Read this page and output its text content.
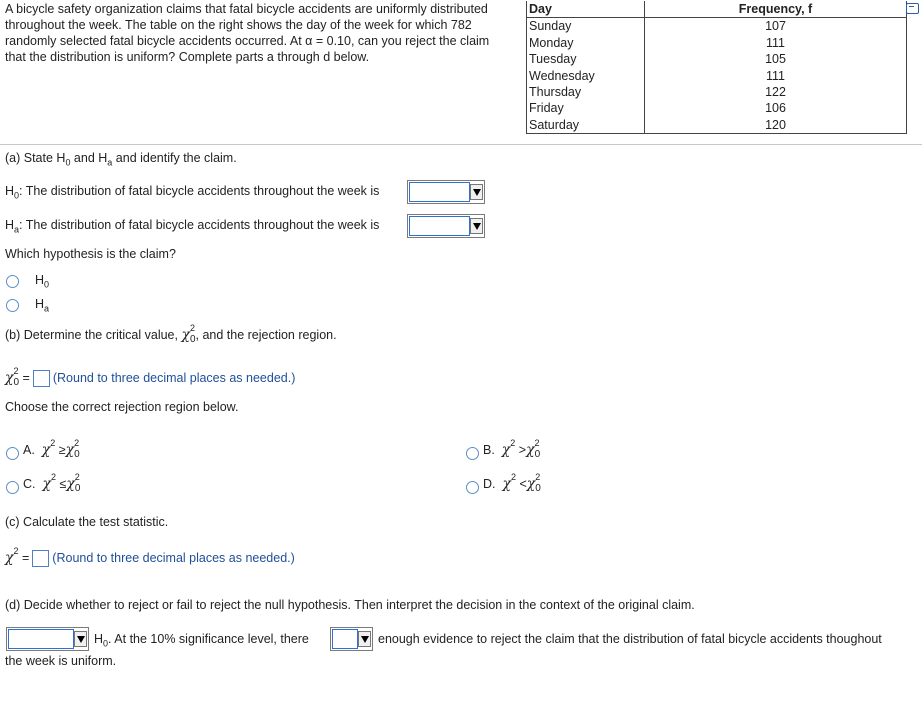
A bicycle safety organization claims that fatal bicycle accidents are uniformly distributed throughout the week. The table on the right shows the day of the week for which 782 randomly selected fatal bicycle accidents occurred. At α = 0.10, can you reject the claim that the distribution is uniform? Complete parts a through d below.
Day	Frequency, f
Sunday	107
Monday	111
Tuesday	105
Wednesday	111
Thursday	122
Friday	106
Saturday	120
(a) State $H_0$ and $H_a$ and identify the claim.
$H_0$: The distribution of fatal bicycle accidents throughout the week is
$H_a$: The distribution of fatal bicycle accidents throughout the week is
Which hypothesis is the claim?
$H_0$
$H_a$
(b) Determine the critical value, $\chi^2_0$, and the rejection region.
$\chi^2_0$ = (Round to three decimal places as needed.)
Choose the correct rejection region below.
A. $\chi^2 \ge\chi^2_0$	B. $\chi^2 >\chi^2_0$
C. $\chi^2 \le\chi^2_0$	D. $\chi^2 <\chi^2_0$
(c) Calculate the test statistic.
$\chi^2$ = (Round to three decimal places as needed.)
(d) Decide whether to reject or fail to reject the null hypothesis. Then interpret the decision in the context of the original claim.
$H_0$. At the 10% significance level, there	enough evidence to reject the claim that the distribution of fatal bicycle accidents thoughout
the week is uniform.
